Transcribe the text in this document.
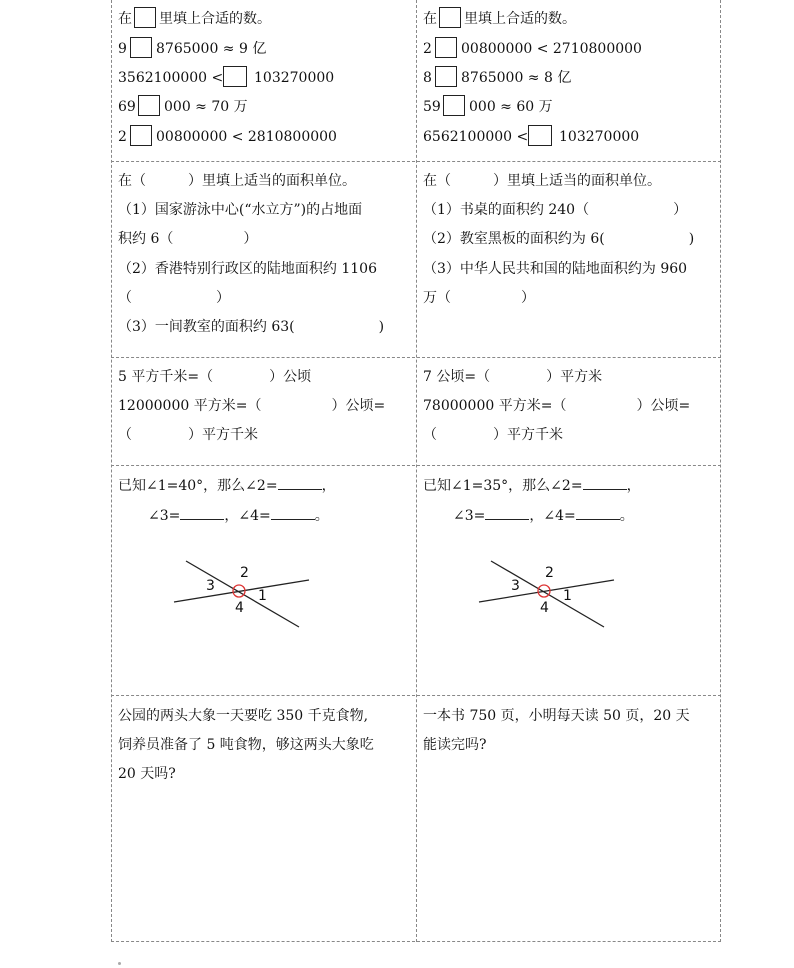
在 里填上合适的数。
9 8765000 ≈ 9 亿
3562100000 < 103270000
69 000 ≈ 70 万
2 00800000 < 2810800000
在 里填上合适的数。
2 00800000 < 2710800000
8 8765000 ≈ 8 亿
59 000 ≈ 60 万
6562100000 < 103270000
在（　　　）里填上适当的面积单位。
（1）国家游泳中心(“水立方”)的占地面
积约 6（　　　　　）
（2）香港特别行政区的陆地面积约 1106
（　　　　　　）
（3）一间教室的面积约 63(　　　　　　)
在（　　　）里填上适当的面积单位。
（1）书桌的面积约 240（　　　　　　）
（2）教室黑板的面积约为 6(　　　　　　)
（3）中华人民共和国的陆地面积约为 960
万（　　　　　）
5 平方千米=（　　　　）公顷
12000000 平方米=（　　　　　）公顷=
（　　　　）平方千米
7 公顷=（　　　　）平方米
78000000 平方米=（　　　　　）公顷=
（　　　　）平方千米
已知∠1=40°，那么∠2=	，
∠3=	，∠4=	。
1
2
3
4
已知∠1=35°，那么∠2=	，
∠3=	，∠4=	。
1
2
3
4
公园的两头大象一天要吃 350 千克食物,
饲养员准备了 5 吨食物，够这两头大象吃
20 天吗?
一本书 750 页，小明每天读 50 页，20 天
能读完吗?
